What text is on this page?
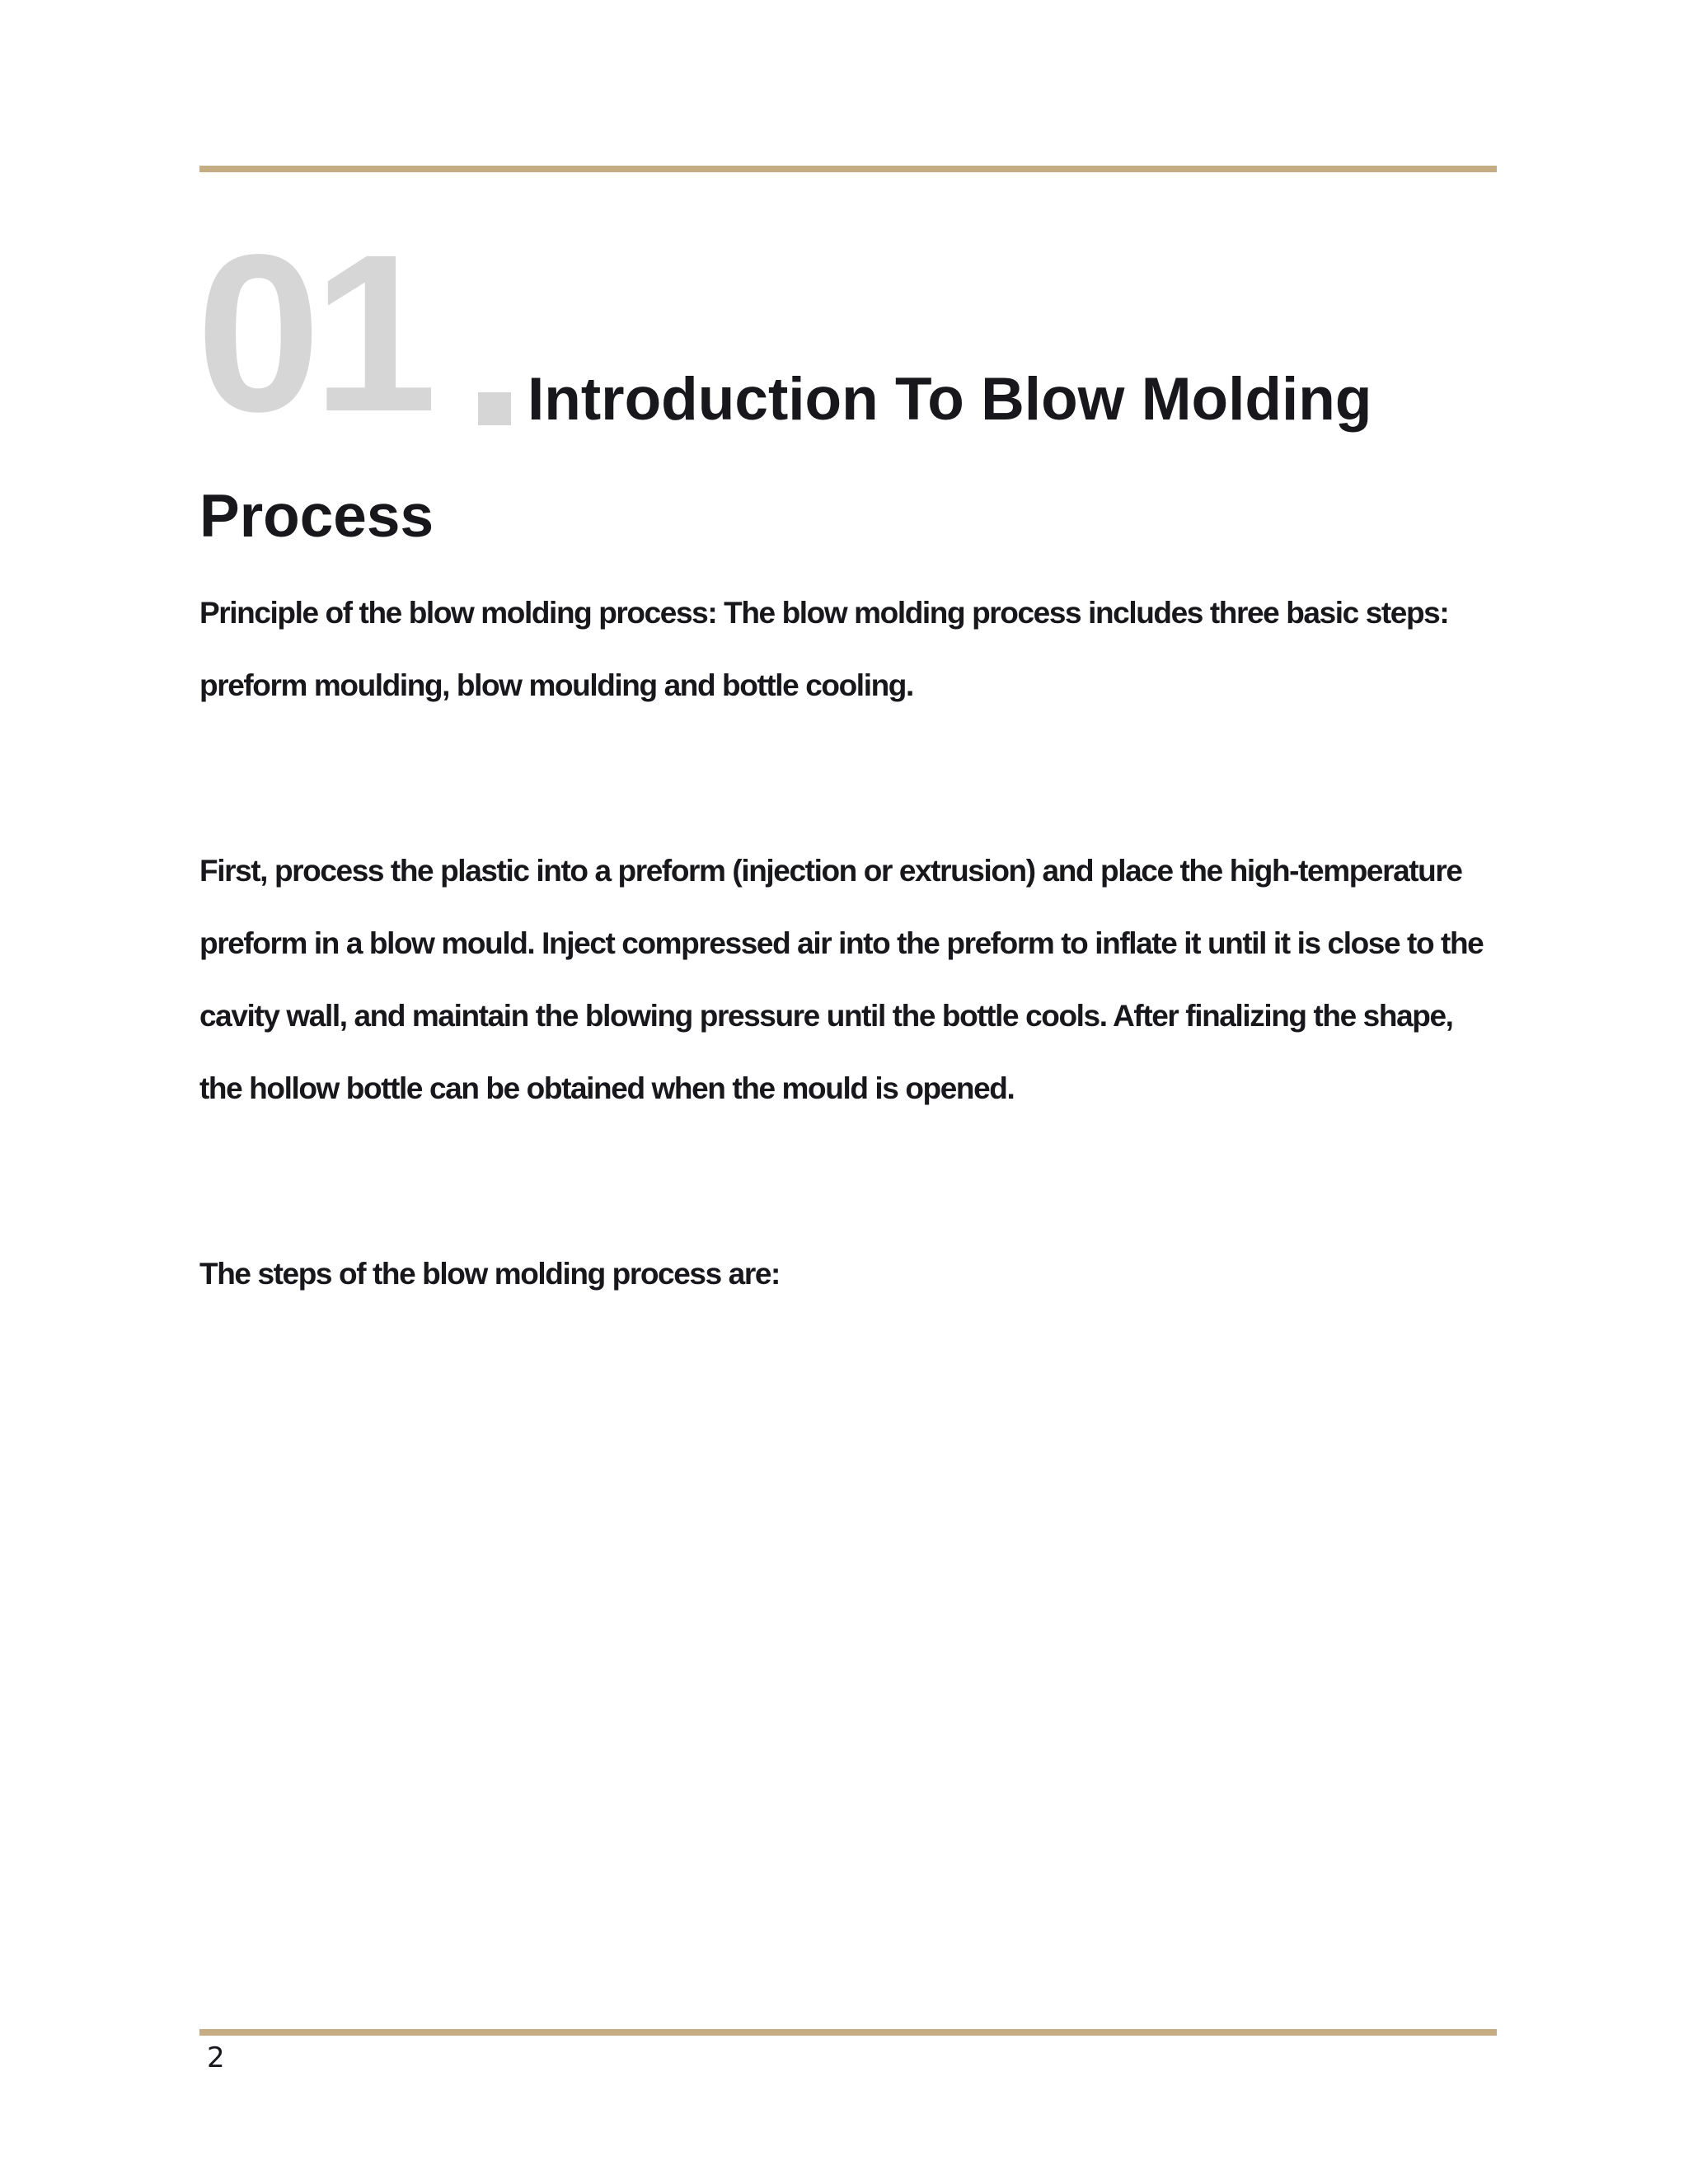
01 Introduction To Blow Molding
Process

Principle of the blow molding process: The blow molding process includes three basic steps: preform moulding, blow moulding and bottle cooling.

First, process the plastic into a preform (injection or extrusion) and place the high-temperature preform in a blow mould. Inject compressed air into the preform to inflate it until it is close to the cavity wall, and maintain the blowing pressure until the bottle cools. After finalizing the shape, the hollow bottle can be obtained when the mould is opened.

The steps of the blow molding process are:

2
